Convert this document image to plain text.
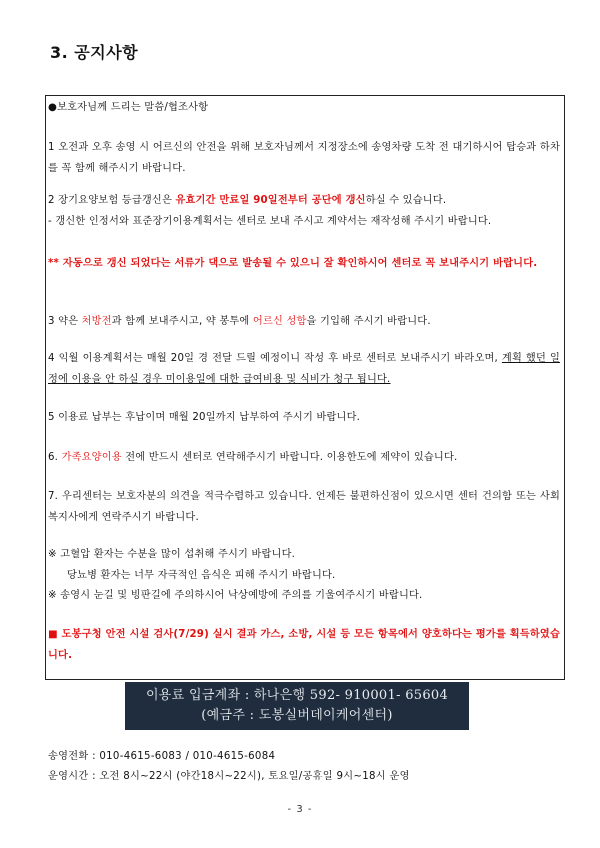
3. 공지사항
●보호자님께 드리는 말씀/협조사항
1 오전과 오후 송영 시 어르신의 안전을 위해 보호자님께서 지정장소에 송영차량 도착 전 대기하시어 탑승과 하차를 꼭 함께 해주시기 바랍니다.
2 장기요양보험 등급갱신은 유효기간 만료일 90일전부터 공단에 갱신하실 수 있습니다.
- 갱신한 인정서와 표준장기이용계획서는 센터로 보내 주시고 계약서는 재작성해 주시기 바랍니다.
** 자동으로 갱신 되었다는 서류가 댁으로 발송될 수 있으니 잘 확인하시어 센터로 꼭 보내주시기 바랍니다.
3 약은 처방전과 함께 보내주시고, 약 봉투에 어르신 성함을 기입해 주시기 바랍니다.
4 익월 이용계획서는 매월 20일 경 전달 드릴 예정이니 작성 후 바로 센터로 보내주시기 바라오며, 계획 했던 일정에 이용을 안 하실 경우 미이용일에 대한 급여비용 및 식비가 청구 됩니다.
5 이용료 납부는 후납이며 매월 20일까지 납부하여 주시기 바랍니다.
6. 가족요양이용 전에 반드시 센터로 연락해주시기 바랍니다. 이용한도에 제약이 있습니다.
7. 우리센터는 보호자분의 의견을 적극수렴하고 있습니다. 언제든 불편하신점이 있으시면 센터 건의함 또는 사회복지사에게 연락주시기 바랍니다.
※ 고혈압 환자는 수분을 많이 섭취해 주시기 바랍니다.
당뇨병 환자는 너무 자극적인 음식은 피해 주시기 바랍니다.
※ 송영시 눈길 및 빙판길에 주의하시어 낙상예방에 주의를 기울여주시기 바랍니다.
■ 도봉구청 안전 시설 검사(7/29) 실시 결과 가스, 소방, 시설 등 모든 항목에서 양호하다는 평가를 획득하였습니다.
이용료 입금계좌 : 하나은행 592- 910001- 65604
(예금주 : 도봉실버데이케어센터)
송영전화 : 010-4615-6083 / 010-4615-6084
운영시간 : 오전 8시~22시 (야간18시~22시), 토요일/공휴일 9시~18시 운영
- 3 -
